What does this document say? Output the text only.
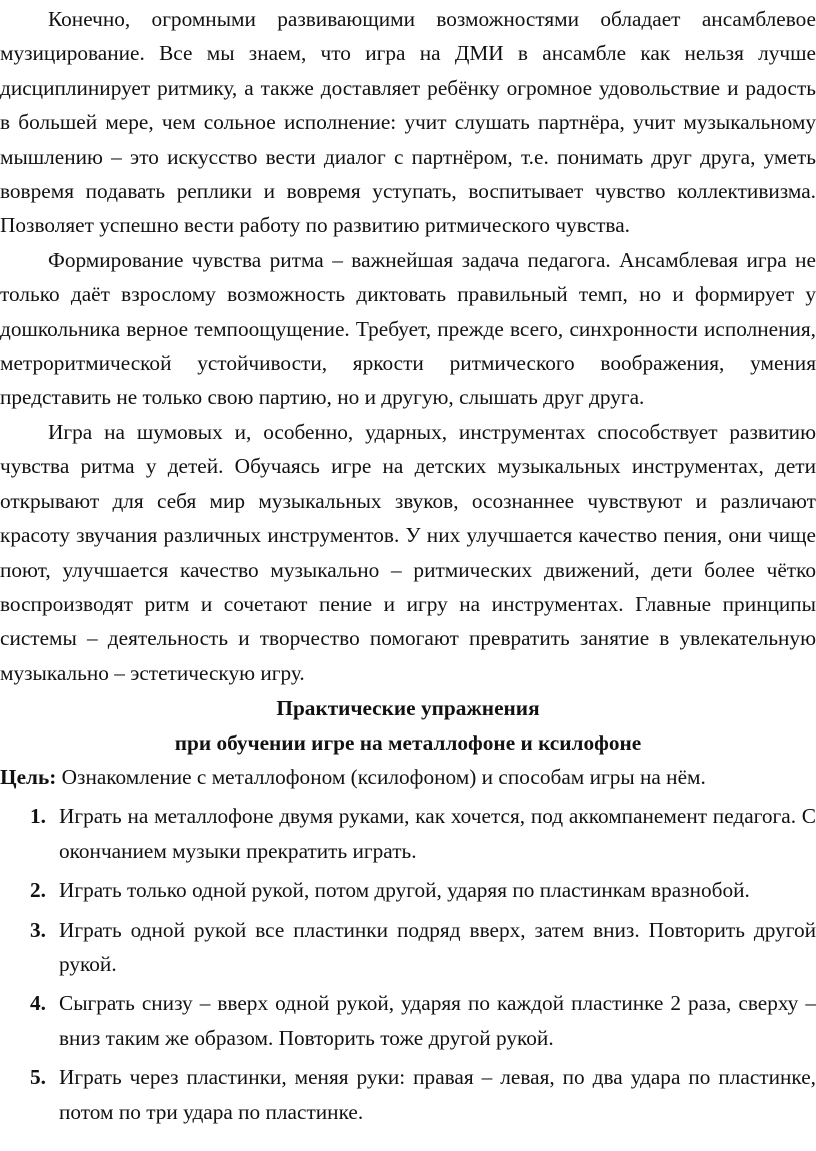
Конечно, огромными развивающими возможностями обладает ансамблевое музицирование. Все мы знаем, что игра на ДМИ в ансамбле как нельзя лучше дисциплинирует ритмику, а также доставляет ребёнку огромное удовольствие и радость в большей мере, чем сольное исполнение: учит слушать партнёра, учит музыкальному мышлению – это искусство вести диалог с партнёром, т.е. понимать друг друга, уметь вовремя подавать реплики и вовремя уступать, воспитывает чувство коллективизма. Позволяет успешно вести работу по развитию ритмического чувства.

Формирование чувства ритма – важнейшая задача педагога. Ансамблевая игра не только даёт взрослому возможность диктовать правильный темп, но и формирует у дошкольника верное темпоощущение. Требует, прежде всего, синхронности исполнения, метроритмической устойчивости, яркости ритмического воображения, умения представить не только свою партию, но и другую, слышать друг друга.

Игра на шумовых и, особенно, ударных, инструментах способствует развитию чувства ритма у детей. Обучаясь игре на детских музыкальных инструментах, дети открывают для себя мир музыкальных звуков, осознаннее чувствуют и различают красоту звучания различных инструментов. У них улучшается качество пения, они чище поют, улучшается качество музыкально – ритмических движений, дети более чётко воспроизводят ритм и сочетают пение и игру на инструментах. Главные принципы системы – деятельность и творчество помогают превратить занятие в увлекательную музыкально – эстетическую игру.

Практические упражнения

при обучении игре на металлофоне и ксилофоне

Цель: Ознакомление с металлофоном (ксилофоном) и способам игры на нём.

1. Играть на металлофоне двумя руками, как хочется, под аккомпанемент педагога. С окончанием музыки прекратить играть.
2. Играть только одной рукой, потом другой, ударяя по пластинкам вразнобой.
3. Играть одной рукой все пластинки подряд вверх, затем вниз. Повторить другой рукой.
4. Сыграть снизу – вверх одной рукой, ударяя по каждой пластинке 2 раза, сверху – вниз таким же образом. Повторить тоже другой рукой.
5. Играть через пластинки, меняя руки: правая – левая, по два удара по пластинке, потом по три удара по пластинке.
